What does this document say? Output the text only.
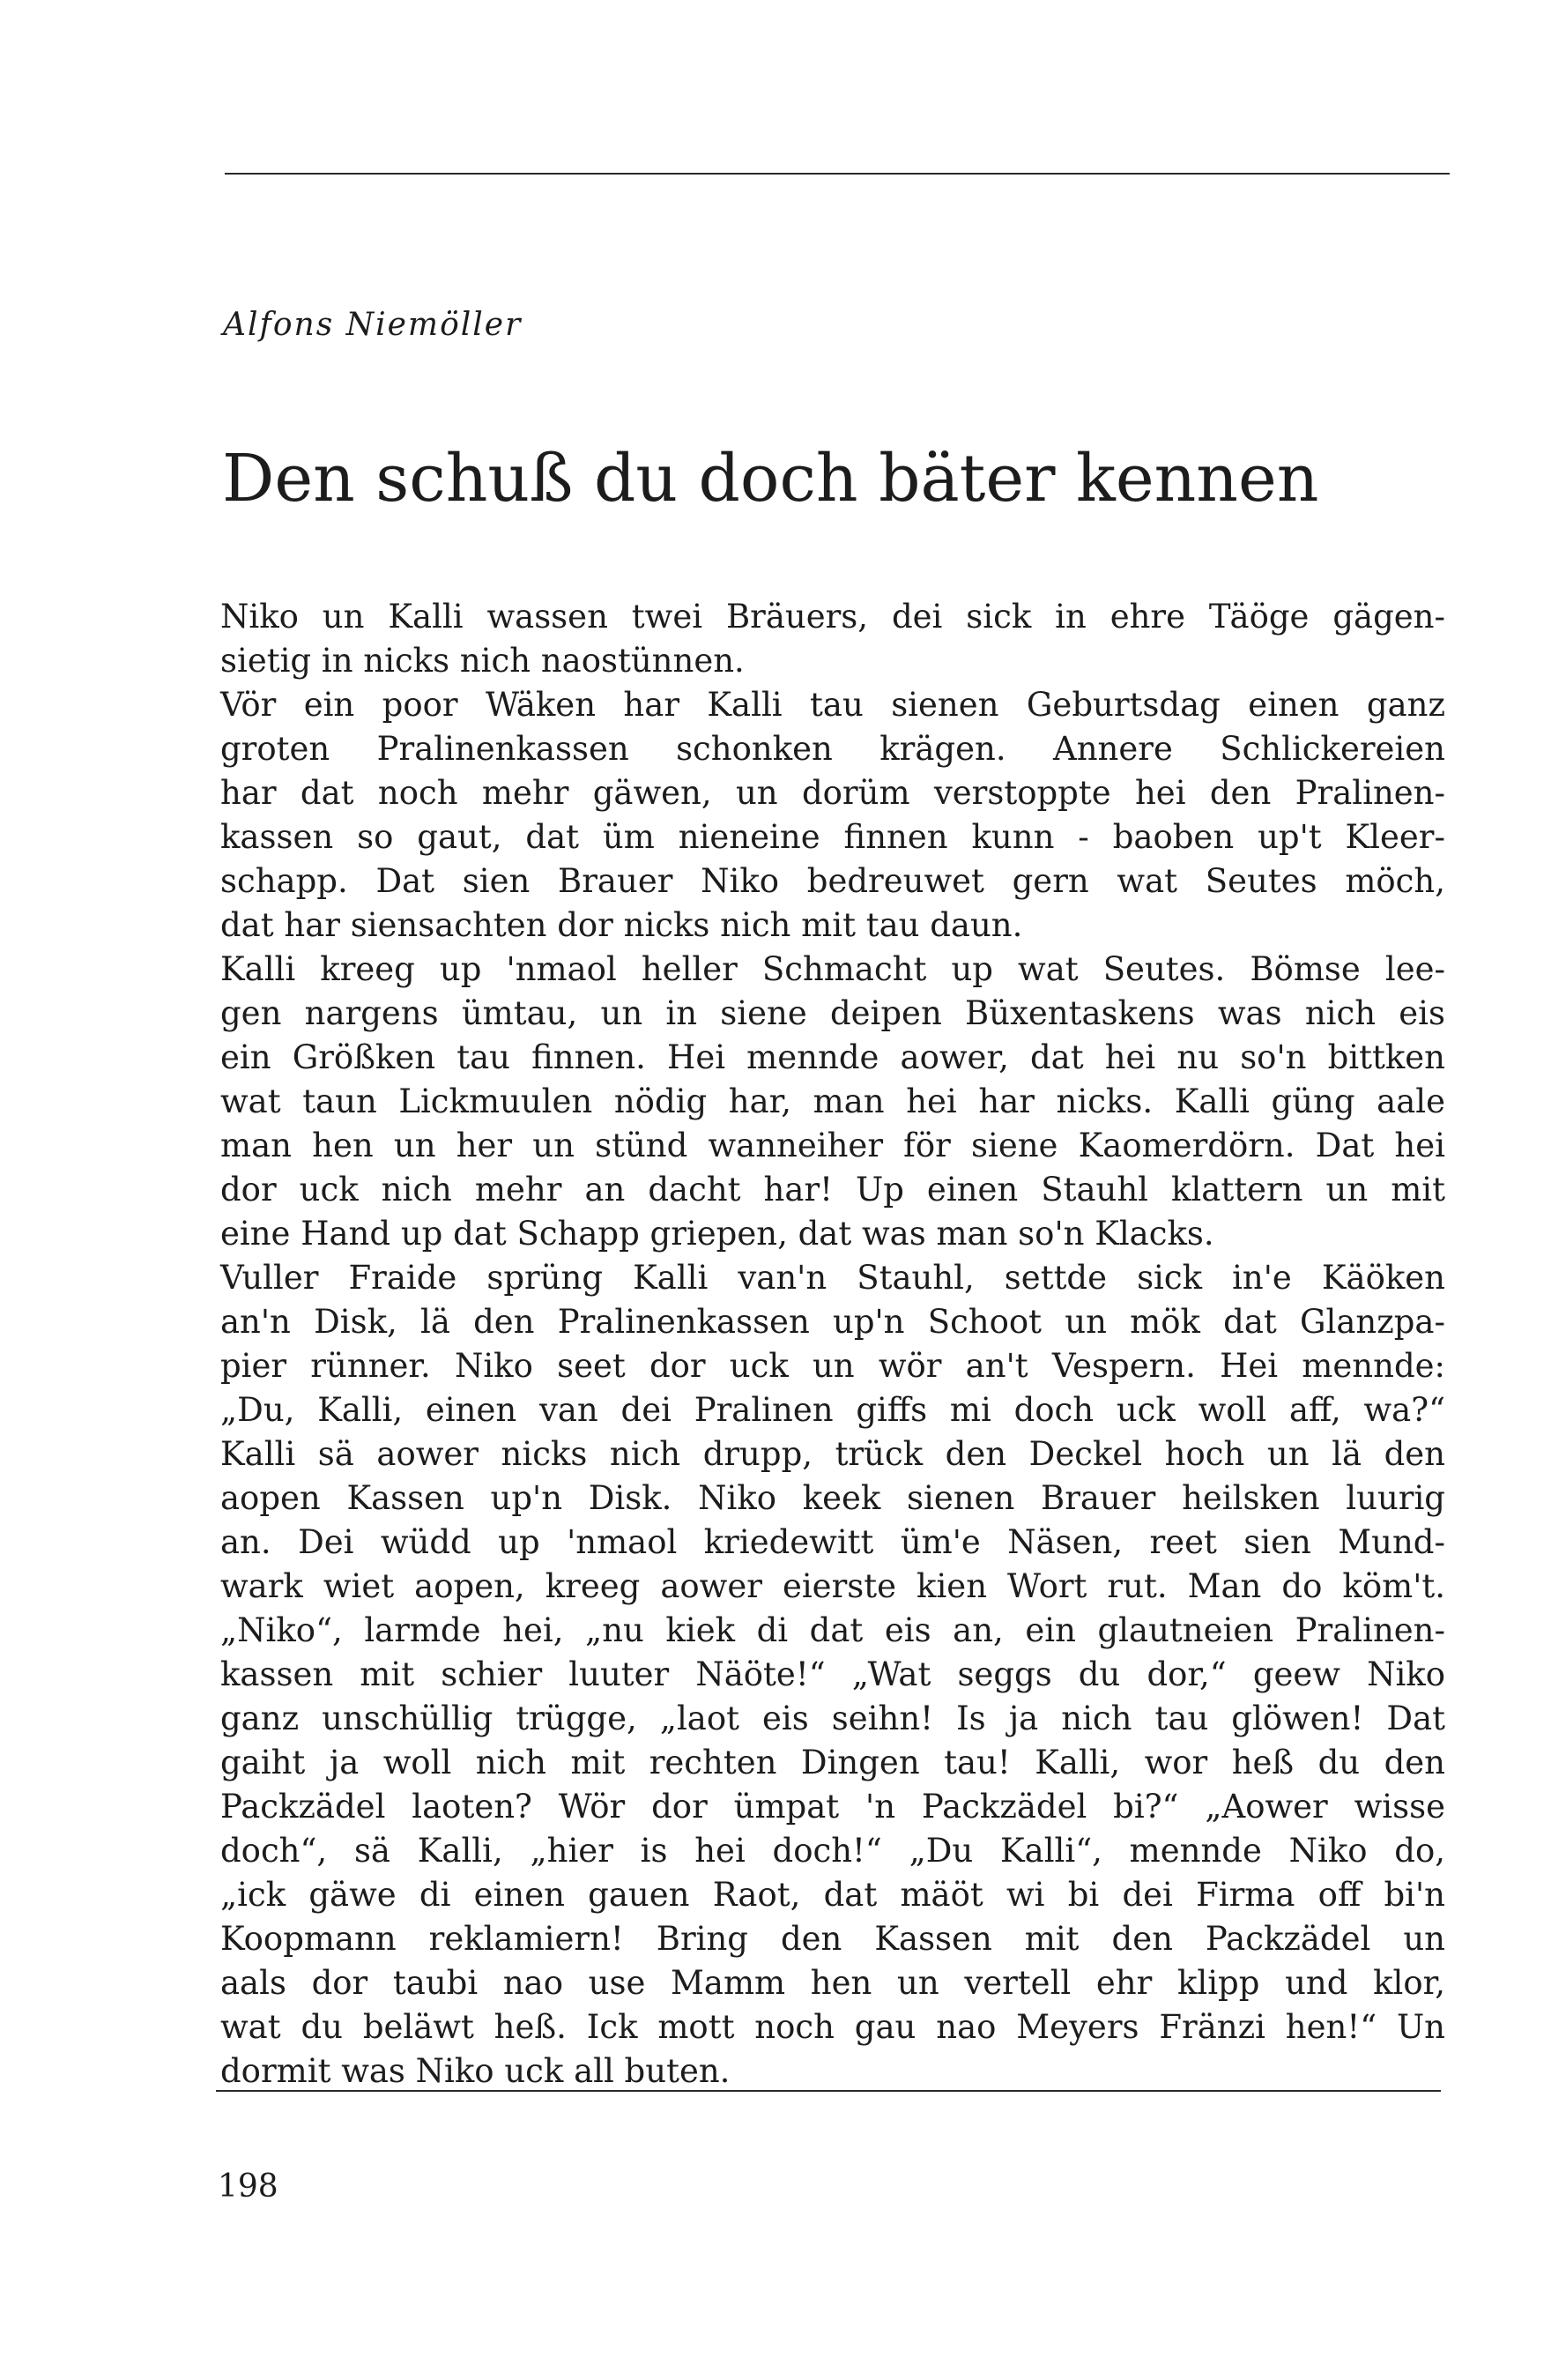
Alfons Niemöller
Den schuß du doch bäter kennen
Niko un Kalli wassen twei Bräuers, dei sick in ehre Täöge gägen-
sietig in nicks nich naostünnen.
Vör ein poor Wäken har Kalli tau sienen Geburtsdag einen ganz
groten Pralinenkassen schonken krägen. Annere Schlickereien
har dat noch mehr gäwen, un dorüm verstoppte hei den Pralinen-
kassen so gaut, dat üm nieneine finnen kunn - baoben up't Kleer-
schapp. Dat sien Brauer Niko bedreuwet gern wat Seutes möch,
dat har siensachten dor nicks nich mit tau daun.
Kalli kreeg up 'nmaol heller Schmacht up wat Seutes. Bömse lee-
gen nargens ümtau, un in siene deipen Büxentaskens was nich eis
ein Größken tau finnen. Hei mennde aower, dat hei nu so'n bittken
wat taun Lickmuulen nödig har, man hei har nicks. Kalli güng aale
man hen un her un stünd wanneiher för siene Kaomerdörn. Dat hei
dor uck nich mehr an dacht har! Up einen Stauhl klattern un mit
eine Hand up dat Schapp griepen, dat was man so'n Klacks.
Vuller Fraide sprüng Kalli van'n Stauhl, settde sick in'e Käöken
an'n Disk, lä den Pralinenkassen up'n Schoot un mök dat Glanzpa-
pier rünner. Niko seet dor uck un wör an't Vespern. Hei mennde:
„Du, Kalli, einen van dei Pralinen giffs mi doch uck woll aff, wa?“
Kalli sä aower nicks nich drupp, trück den Deckel hoch un lä den
aopen Kassen up'n Disk. Niko keek sienen Brauer heilsken luurig
an. Dei wüdd up 'nmaol kriedewitt üm'e Näsen, reet sien Mund-
wark wiet aopen, kreeg aower eierste kien Wort rut. Man do köm't.
„Niko“, larmde hei, „nu kiek di dat eis an, ein glautneien Pralinen-
kassen mit schier luuter Näöte!“ „Wat seggs du dor,“ geew Niko
ganz unschüllig trügge, „laot eis seihn! Is ja nich tau glöwen! Dat
gaiht ja woll nich mit rechten Dingen tau! Kalli, wor heß du den
Packzädel laoten? Wör dor ümpat 'n Packzädel bi?“ „Aower wisse
doch“, sä Kalli, „hier is hei doch!“ „Du Kalli“, mennde Niko do,
„ick gäwe di einen gauen Raot, dat mäöt wi bi dei Firma off bi'n
Koopmann reklamiern! Bring den Kassen mit den Packzädel un
aals dor taubi nao use Mamm hen un vertell ehr klipp und klor,
wat du beläwt heß. Ick mott noch gau nao Meyers Fränzi hen!“ Un
dormit was Niko uck all buten.
198
